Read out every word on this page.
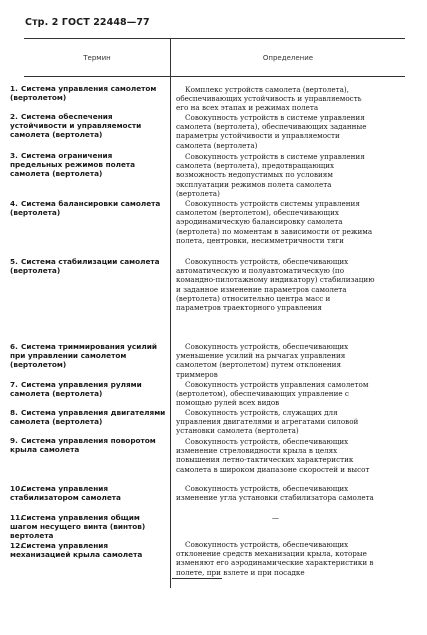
Стр. 2 ГОСТ 22448—77
Термин	Определение
1. Система управления самолетом (вертолетом)
2. Система обеспечения устойчивости и управляемости самолета (вертолета)
3. Система ограничения предельных режимов полета самолета (вертолета)
4. Система балансировки самолета (вертолета)
5. Система стабилизации самолета (вертолета)
6. Система триммирования усилий при управлении самолетом (вертолетом)
7. Система управления рулями самолета (вертолета)
8. Система управления двигателями самолета (вертолета)
9. Система управления поворотом крыла самолета
10.Система управления стабилизатором самолета
11.Система управления общим шагом несущего винта (винтов) вертолета
12.Система управления механизацией крыла самолета
Комплекс устройств самолета (вертолета), обеспечивающих устойчивость и управляемость его на всех этапах и режимах полета
Совокупность устройств в системе управления самолета (вертолета), обеспечивающих заданные параметры устойчивости и управляемости самолета (вертолета)
Совокупность устройств в системе управления самолета (вертолета), предотвращающих возможность недопустимых по условиям эксплуатации режимов полета самолета (вертолета)
Совокупность устройств системы управления самолетом (вертолетом), обеспечивающих аэродинамическую балансировку самолета (вертолета) по моментам в зависимости от режима полета, центровки, несимметричности тяги
Совокупность устройств, обеспечивающих автоматическую и полуавтоматическую (по командно-пилотажному индикатору) стабилизацию и заданное изменение параметров самолета (вертолета) относительно центра масс и параметров траекторного управления
Совокупность устройств, обеспечивающих уменьшение усилий на рычагах управления самолетом (вертолетом) путем отклонения триммеров
Совокупность устройств управления самолетом (вертолетом), обеспечивающих управление с помощью рулей всех видов
Совокупность устройств, служащих для управления двигателями и агрегатами силовой установки самолета (вертолета)
Совокупность устройств, обеспечивающих изменение стреловидности крыла в целях повышения летно-тактических характеристик самолета в широком диапазоне скоростей и высот
Совокупность устройств, обеспечивающих изменение угла установки стабилизатора самолета
—
Совокупность устройств, обеспечивающих отклонение средств механизации крыла, которые изменяют его аэродинамические характеристики в полете, при взлете и при посадке
